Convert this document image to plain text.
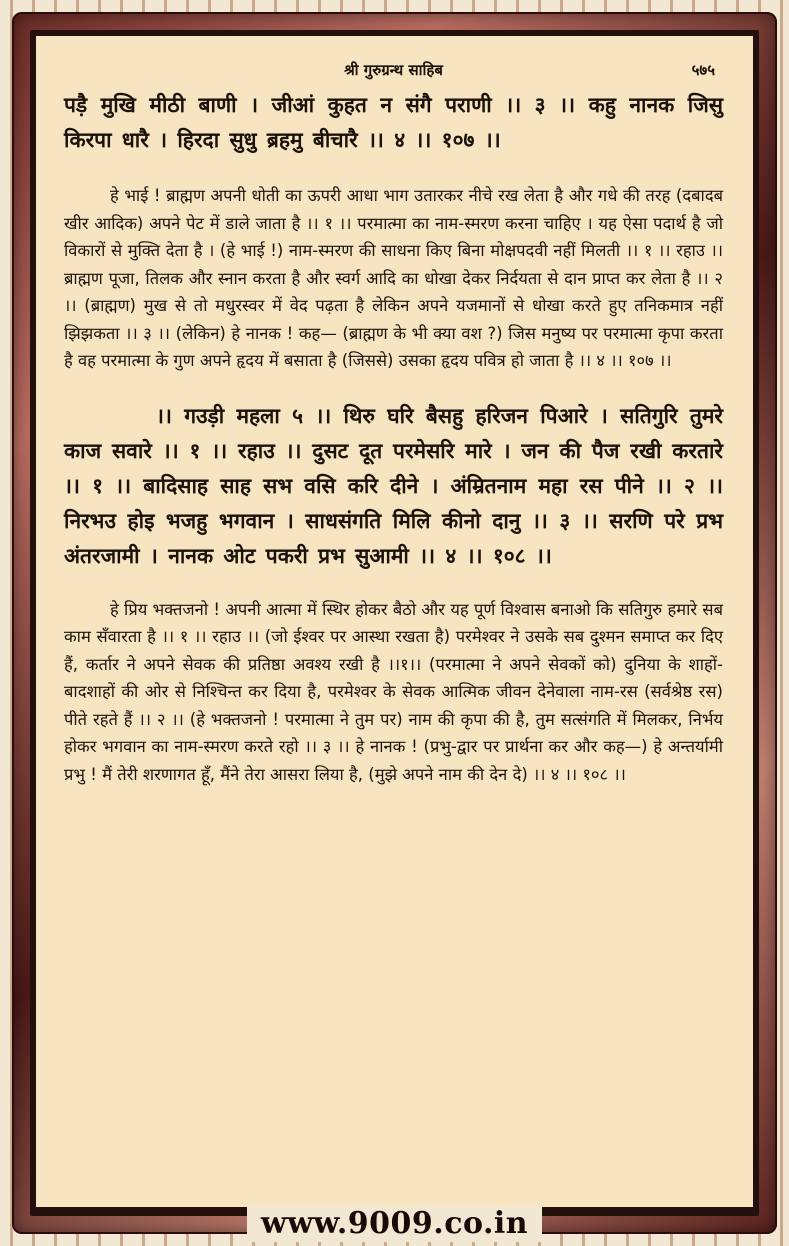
श्री गुरुग्रन्थ साहिब	५७५

पड़ै मुखि मीठी बाणी । जीआं कुहत न संगै पराणी ।। ३ ।। कहु नानक जिसु किरपा धारै । हिरदा सुधु ब्रहमु बीचारै ।। ४ ।। १०७ ।।

हे भाई ! ब्राह्मण अपनी धोती का ऊपरी आधा भाग उतारकर नीचे रख लेता है और गधे की तरह (दबादब खीर आदिक) अपने पेट में डाले जाता है ।। १ ।। परमात्मा का नाम-स्मरण करना चाहिए । यह ऐसा पदार्थ है जो विकारों से मुक्ति देता है । (हे भाई !) नाम-स्मरण की साधना किए बिना मोक्षपदवी नहीं मिलती ।। १ ।। रहाउ ।। ब्राह्मण पूजा, तिलक और स्नान करता है और स्वर्ग आदि का धोखा देकर निर्दयता से दान प्राप्त कर लेता है ।। २ ।। (ब्राह्मण) मुख से तो मधुरस्वर में वेद पढ़ता है लेकिन अपने यजमानों से धोखा करते हुए तनिकमात्र नहीं झिझकता ।। ३ ।। (लेकिन) हे नानक ! कह— (ब्राह्मण के भी क्या वश ?) जिस मनुष्य पर परमात्मा कृपा करता है वह परमात्मा के गुण अपने हृदय में बसाता है (जिससे) उसका हृदय पवित्र हो जाता है ।। ४ ।। १०७ ।।

।। गउड़ी महला ५ ।। थिरु घरि बैसहु हरिजन पिआरे । सतिगुरि तुमरे काज सवारे ।। १ ।। रहाउ ।। दुसट दूत परमेसरि मारे । जन की पैज रखी करतारे ।। १ ।। बादिसाह साह सभ वसि करि दीने । अंम्रितनाम महा रस पीने ।। २ ।। निरभउ होइ भजहु भगवान । साधसंगति मिलि कीनो दानु ।। ३ ।। सरणि परे प्रभ अंतरजामी । नानक ओट पकरी प्रभ सुआमी ।। ४ ।। १०८ ।।

हे प्रिय भक्तजनो ! अपनी आत्मा में स्थिर होकर बैठो और यह पूर्ण विश्वास बनाओ कि सतिगुरु हमारे सब काम सँवारता है ।। १ ।। रहाउ ।। (जो ईश्वर पर आस्था रखता है) परमेश्वर ने उसके सब दुश्मन समाप्त कर दिए हैं, कर्तार ने अपने सेवक की प्रतिष्ठा अवश्य रखी है ।।१।। (परमात्मा ने अपने सेवकों को) दुनिया के शाहों-बादशाहों की ओर से निश्चिन्त कर दिया है, परमेश्वर के सेवक आत्मिक जीवन देनेवाला नाम-रस (सर्वश्रेष्ठ रस) पीते रहते हैं ।। २ ।। (हे भक्तजनो ! परमात्मा ने तुम पर) नाम की कृपा की है, तुम सत्संगति में मिलकर, निर्भय होकर भगवान का नाम-स्मरण करते रहो ।। ३ ।। हे नानक ! (प्रभु-द्वार पर प्रार्थना कर और कह—) हे अन्तर्यामी प्रभु ! मैं तेरी शरणागत हूँ, मैंने तेरा आसरा लिया है, (मुझे अपने नाम की देन दे) ।। ४ ।। १०८ ।।

www.9009.co.in
